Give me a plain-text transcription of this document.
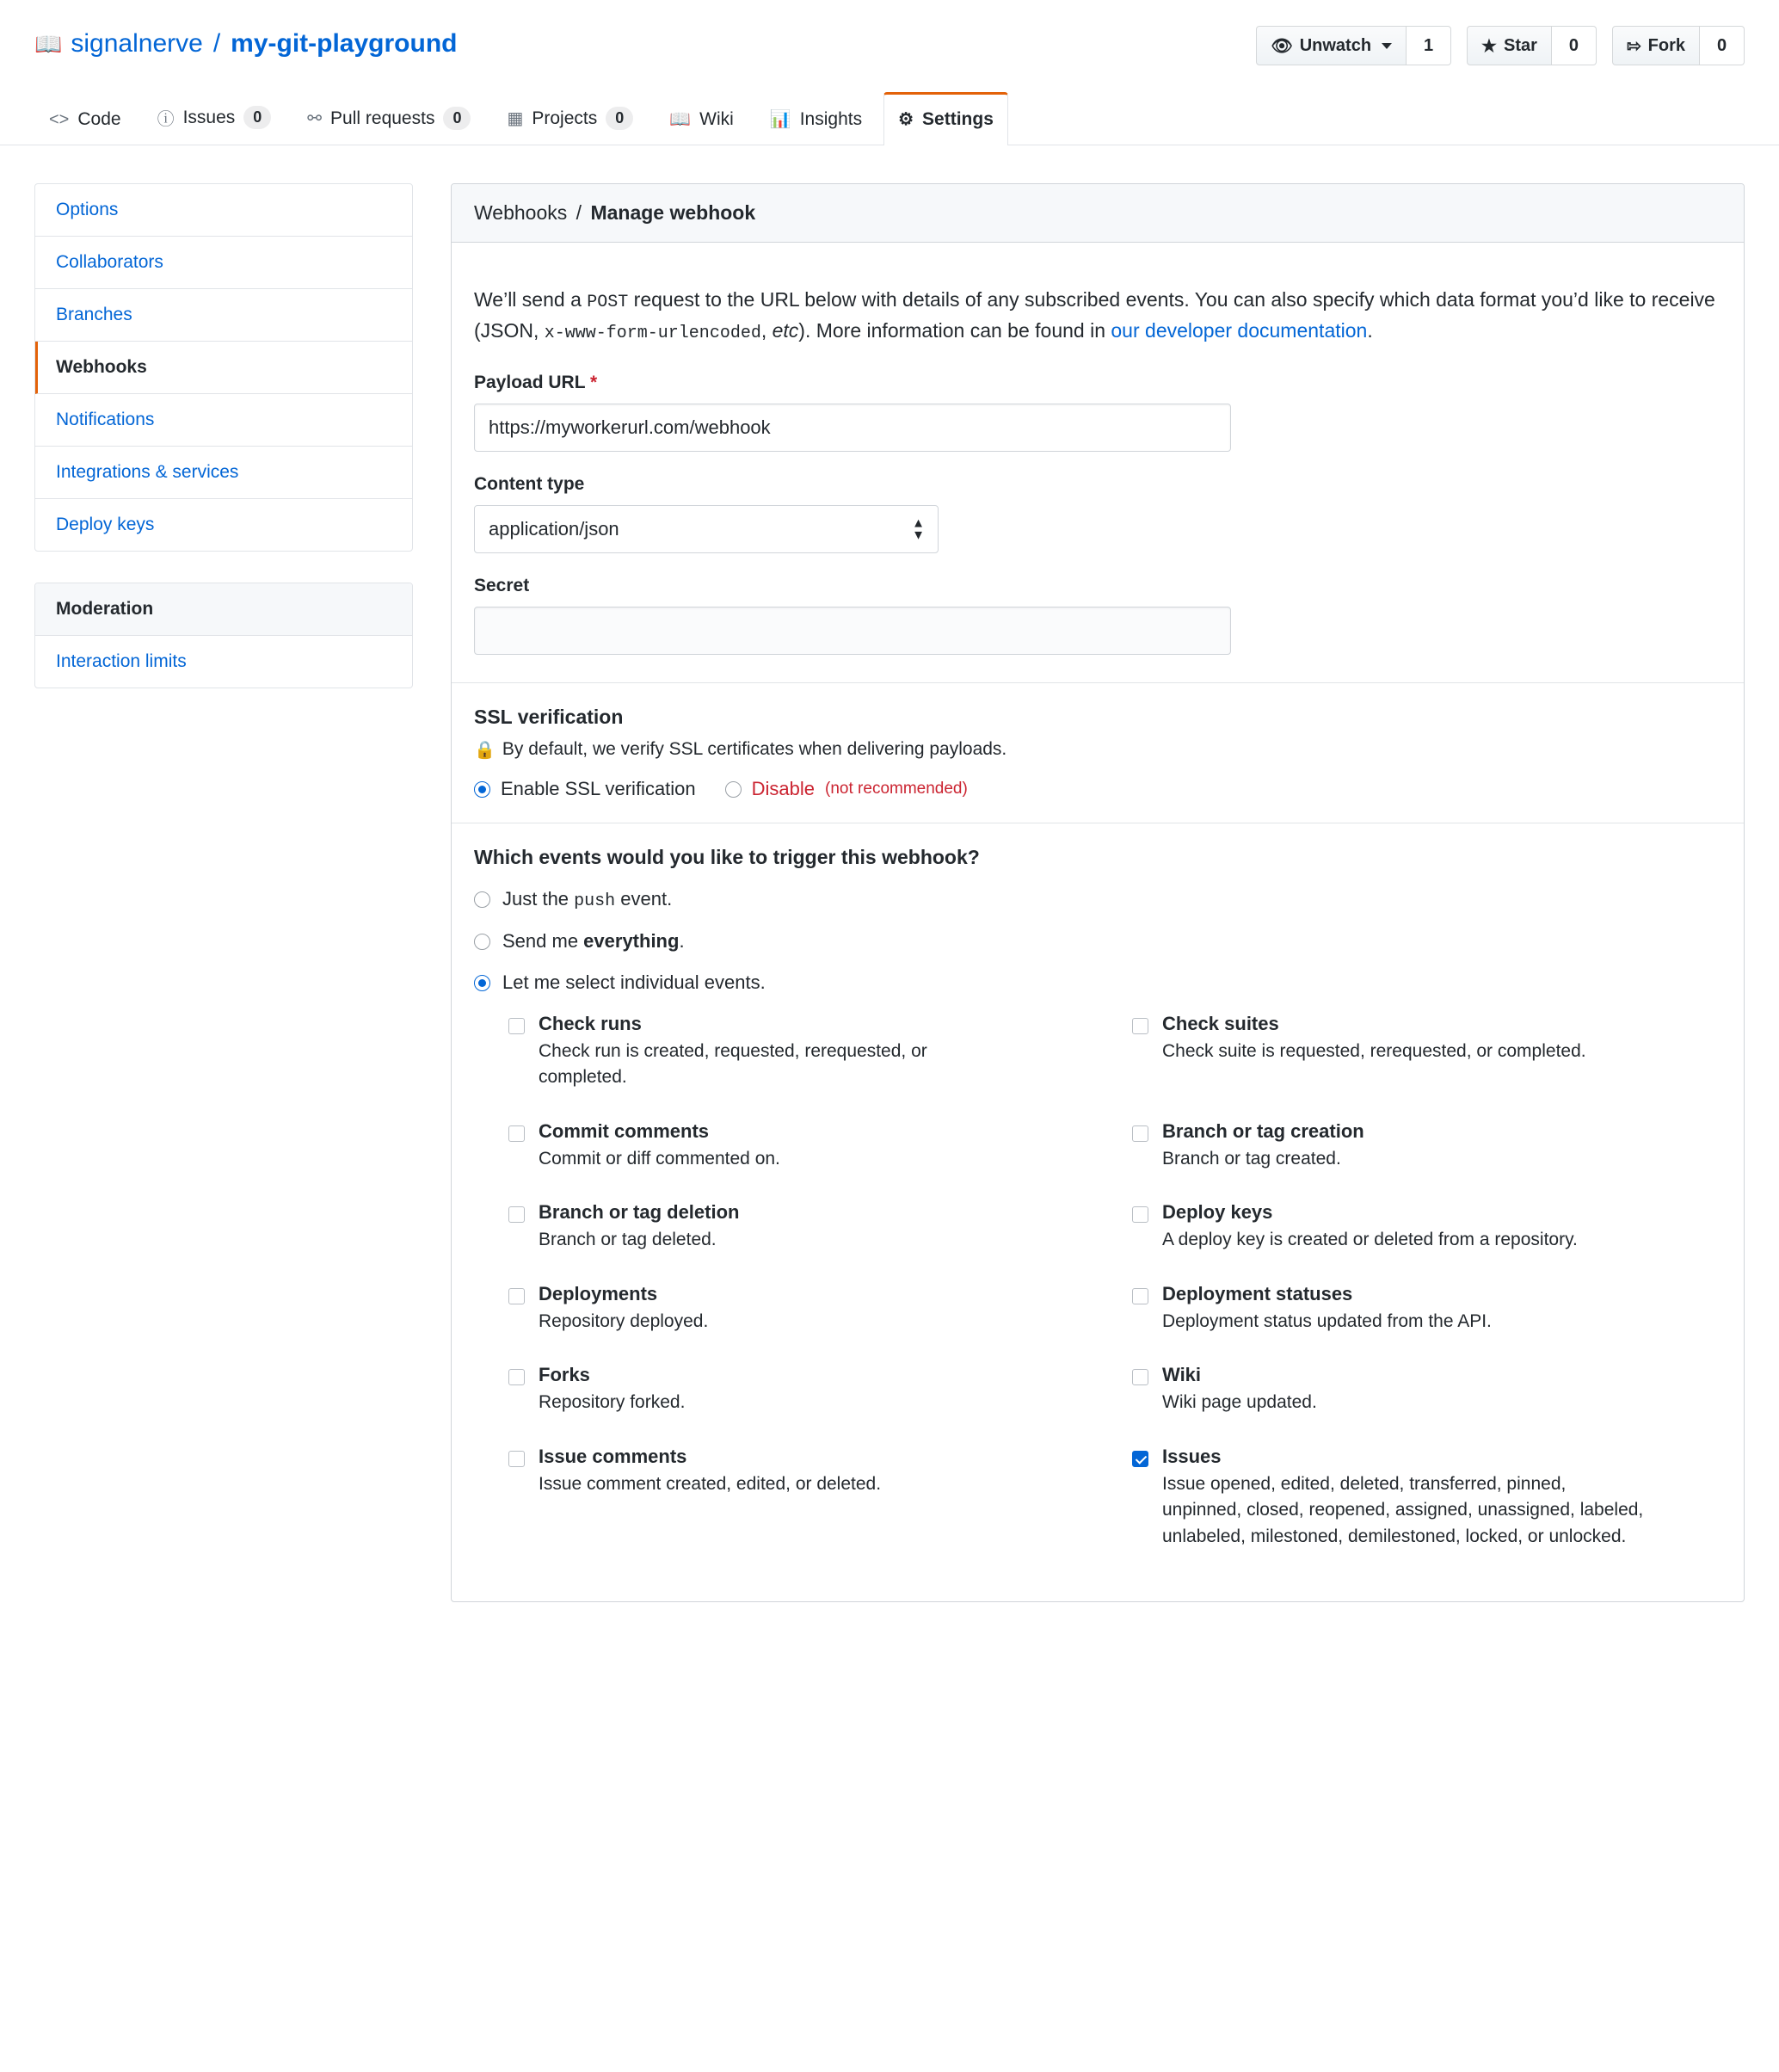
📖 signalnerve / my-git-playground	👁 Unwatch	1	★ Star	0	⇰ Fork	0
<> Code ⓘ Issues	0	⚯ Pull requests	0	▦ Projects	0	📖 Wiki 📊 Insights ⚙ Settings
Options
Collaborators
Branches
Webhooks
Notifications
Integrations & services
Deploy keys
Moderation
Interaction limits
Webhooks / Manage webhook

We’ll send a POST request to the URL below with details of any subscribed events. You can also specify which data format you’d like to receive (JSON, x-www-form-urlencoded, etc). More information can be found in our developer documentation.

Payload URL *
https://myworkerurl.com/webhook
Content type
application/json
▲
▼
Secret
SSL verification
🔒 By default, we verify SSL certificates when delivering payloads.
Enable SSL verification	Disable (not recommended)
Which events would you like to trigger this webhook?
Just the push event.
Send me everything.
Let me select individual events.
Check runs
Check run is created, requested, rerequested, or completed.
Check suites
Check suite is requested, rerequested, or completed.
Commit comments
Commit or diff commented on.
Branch or tag creation
Branch or tag created.
Branch or tag deletion
Branch or tag deleted.
Deploy keys
A deploy key is created or deleted from a repository.
Deployments
Repository deployed.
Deployment statuses
Deployment status updated from the API.
Forks
Repository forked.
Wiki
Wiki page updated.
Issue comments
Issue comment created, edited, or deleted.
Issues
Issue opened, edited, deleted, transferred, pinned, unpinned, closed, reopened, assigned, unassigned, labeled, unlabeled, milestoned, demilestoned, locked, or unlocked.
